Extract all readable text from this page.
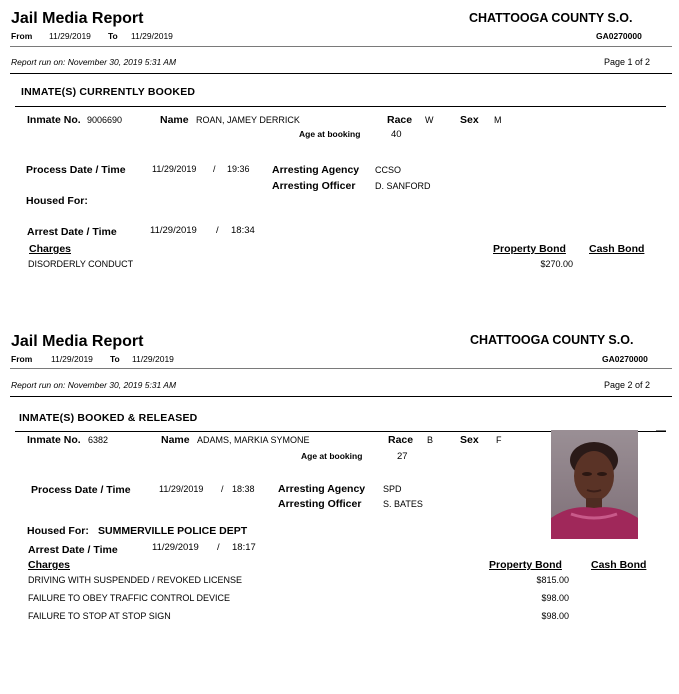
Jail Media Report	CHATTOOGA COUNTY S.O.
From 11/29/2019 To 11/29/2019	GA0270000
Report run on: November 30, 2019 5:31 AM	Page 1 of 2
INMATE(S) CURRENTLY BOOKED
Inmate No. 9006690	Name ROAN, JAMEY DERRICK	Race W	Sex M
Age at booking	40
Process Date / Time	11/29/2019 / 19:36 Arresting Agency CCSO
Arresting Officer D. SANFORD
Housed For:
Arrest Date / Time	11/29/2019 / 18:34
Charges	Property Bond Cash Bond
DISORDERLY CONDUCT	$270.00
Jail Media Report	CHATTOOGA COUNTY S.O.
From 11/29/2019 To 11/29/2019	GA0270000
Report run on: November 30, 2019 5:31 AM	Page 2 of 2
INMATE(S) BOOKED & RELEASED
Inmate No. 6382	Name ADAMS, MARKIA SYMONE	Race B	Sex F
Age at booking	27
Process Date / Time	11/29/2019 / 18:38 Arresting Agency SPD
Arresting Officer S. BATES
Housed For: SUMMERVILLE POLICE DEPT
Arrest Date / Time	11/29/2019 / 18:17
Charges	Property Bond	Cash Bond
DRIVING WITH SUSPENDED / REVOKED LICENSE	$815.00
FAILURE TO OBEY TRAFFIC CONTROL DEVICE	$98.00
FAILURE TO STOP AT STOP SIGN	$98.00
